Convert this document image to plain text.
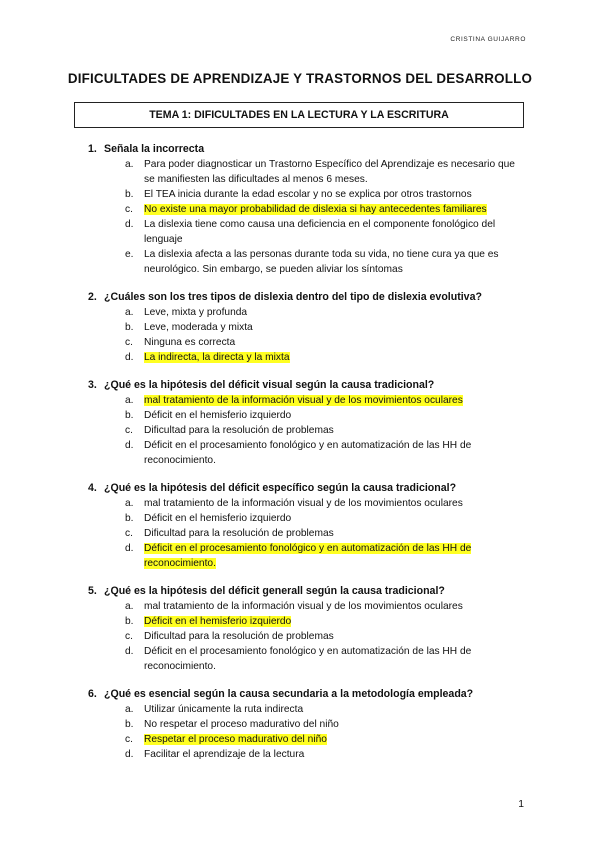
CRISTINA GUIJARRO
DIFICULTADES DE APRENDIZAJE Y TRASTORNOS DEL DESARROLLO
TEMA 1: DIFICULTADES EN LA LECTURA Y LA ESCRITURA
1. Señala la incorrecta
a.	Para poder diagnosticar un Trastorno Específico del Aprendizaje es necesario que se manifiesten las dificultades al menos 6 meses.
b.	El TEA inicia durante la edad escolar y no se explica por otros trastornos
c.	No existe una mayor probabilidad de dislexia si hay antecedentes familiares
d.	La dislexia tiene como causa una deficiencia en el componente fonológico del lenguaje
e.	La dislexia afecta a las personas durante toda su vida, no tiene cura ya que es neurológico. Sin embargo, se pueden aliviar los síntomas
2. ¿Cuáles son los tres tipos de dislexia dentro del tipo de dislexia evolutiva?
a.	Leve, mixta y profunda
b.	Leve, moderada y mixta
c.	Ninguna es correcta
d.	La indirecta, la directa y la mixta
3. ¿Qué es la hipótesis del déficit visual según la causa tradicional?
a.	mal tratamiento de la información visual y de los movimientos oculares
b.	Déficit en el hemisferio izquierdo
c.	Dificultad para la resolución de problemas
d.	Déficit en el procesamiento fonológico y en automatización de las HH de reconocimiento.
4. ¿Qué es la hipótesis del déficit específico según la causa tradicional?
a.	mal tratamiento de la información visual y de los movimientos oculares
b.	Déficit en el hemisferio izquierdo
c.	Dificultad para la resolución de problemas
d.	Déficit en el procesamiento fonológico y en automatización de las HH de reconocimiento.
5. ¿Qué es la hipótesis del déficit generall según la causa tradicional?
a.	mal tratamiento de la información visual y de los movimientos oculares
b.	Déficit en el hemisferio izquierdo
c.	Dificultad para la resolución de problemas
d.	Déficit en el procesamiento fonológico y en automatización de las HH de reconocimiento.
6. ¿Qué es esencial según la causa secundaria a la metodología empleada?
a.	Utilizar únicamente la ruta indirecta
b.	No respetar el proceso madurativo del niño
c.	Respetar el proceso madurativo del niño
d.	Facilitar el aprendizaje de la lectura
1
